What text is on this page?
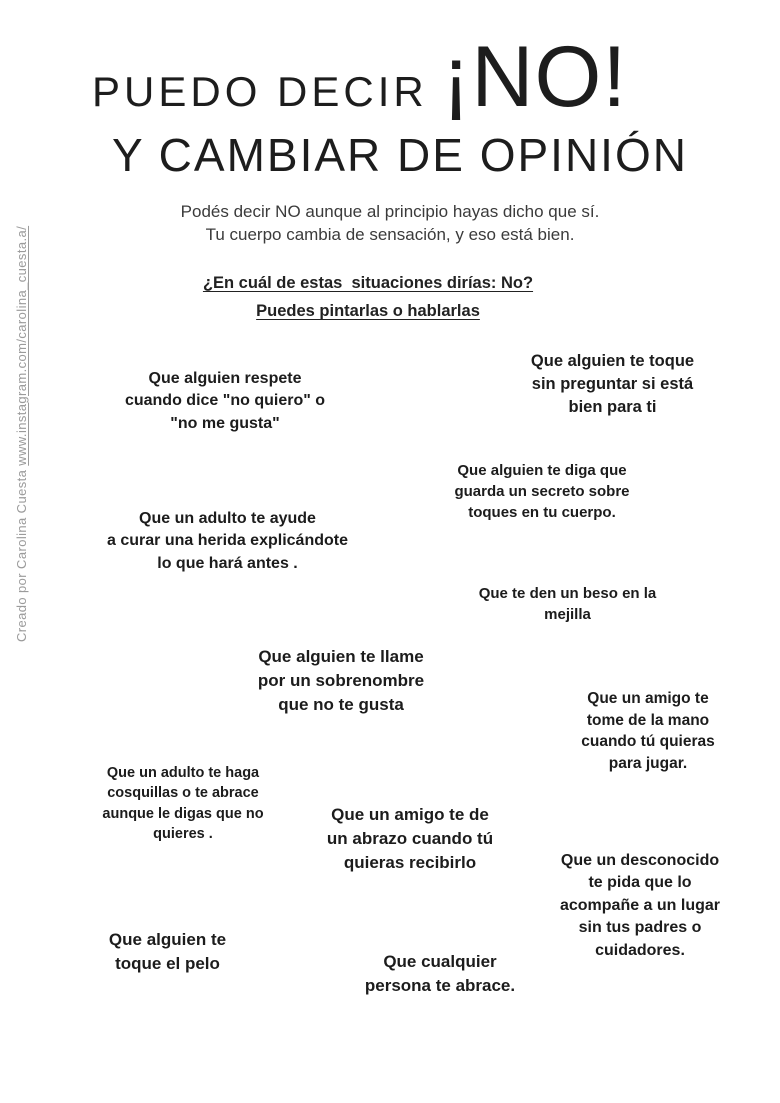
Creado por Carolina Cuesta www.instagram.com/carolina_cuesta.a/
PUEDO DECIR ¡NO!
Y CAMBIAR DE OPINIÓN

Podés decir NO aunque al principio hayas dicho que sí.
Tu cuerpo cambia de sensación, y eso está bien.

¿En cuál de estas  situaciones dirías: No?

Puedes pintarlas o hablarlas

Que alguien respete
cuando dice "no quiero" o
"no me gusta"
Que alguien te toque
sin preguntar si está
bien para ti
Que alguien te diga que
guarda un secreto sobre
toques en tu cuerpo.
Que un adulto te ayude
a curar una herida explicándote
lo que hará antes .
Que te den un beso en la
mejilla
Que alguien te llame
por un sobrenombre
que no te gusta	Que un amigo te
tome de la mano
cuando tú quieras
para jugar.
Que un adulto te haga
cosquillas o te abrace
aunque le digas que no
quieres .
Que un amigo te de
un abrazo cuando tú
quieras recibirlo	Que un desconocido
te pida que lo
acompañe a un lugar
sin tus padres o
cuidadores.
Que alguien te
toque el pelo	Que cualquier
persona te abrace.
